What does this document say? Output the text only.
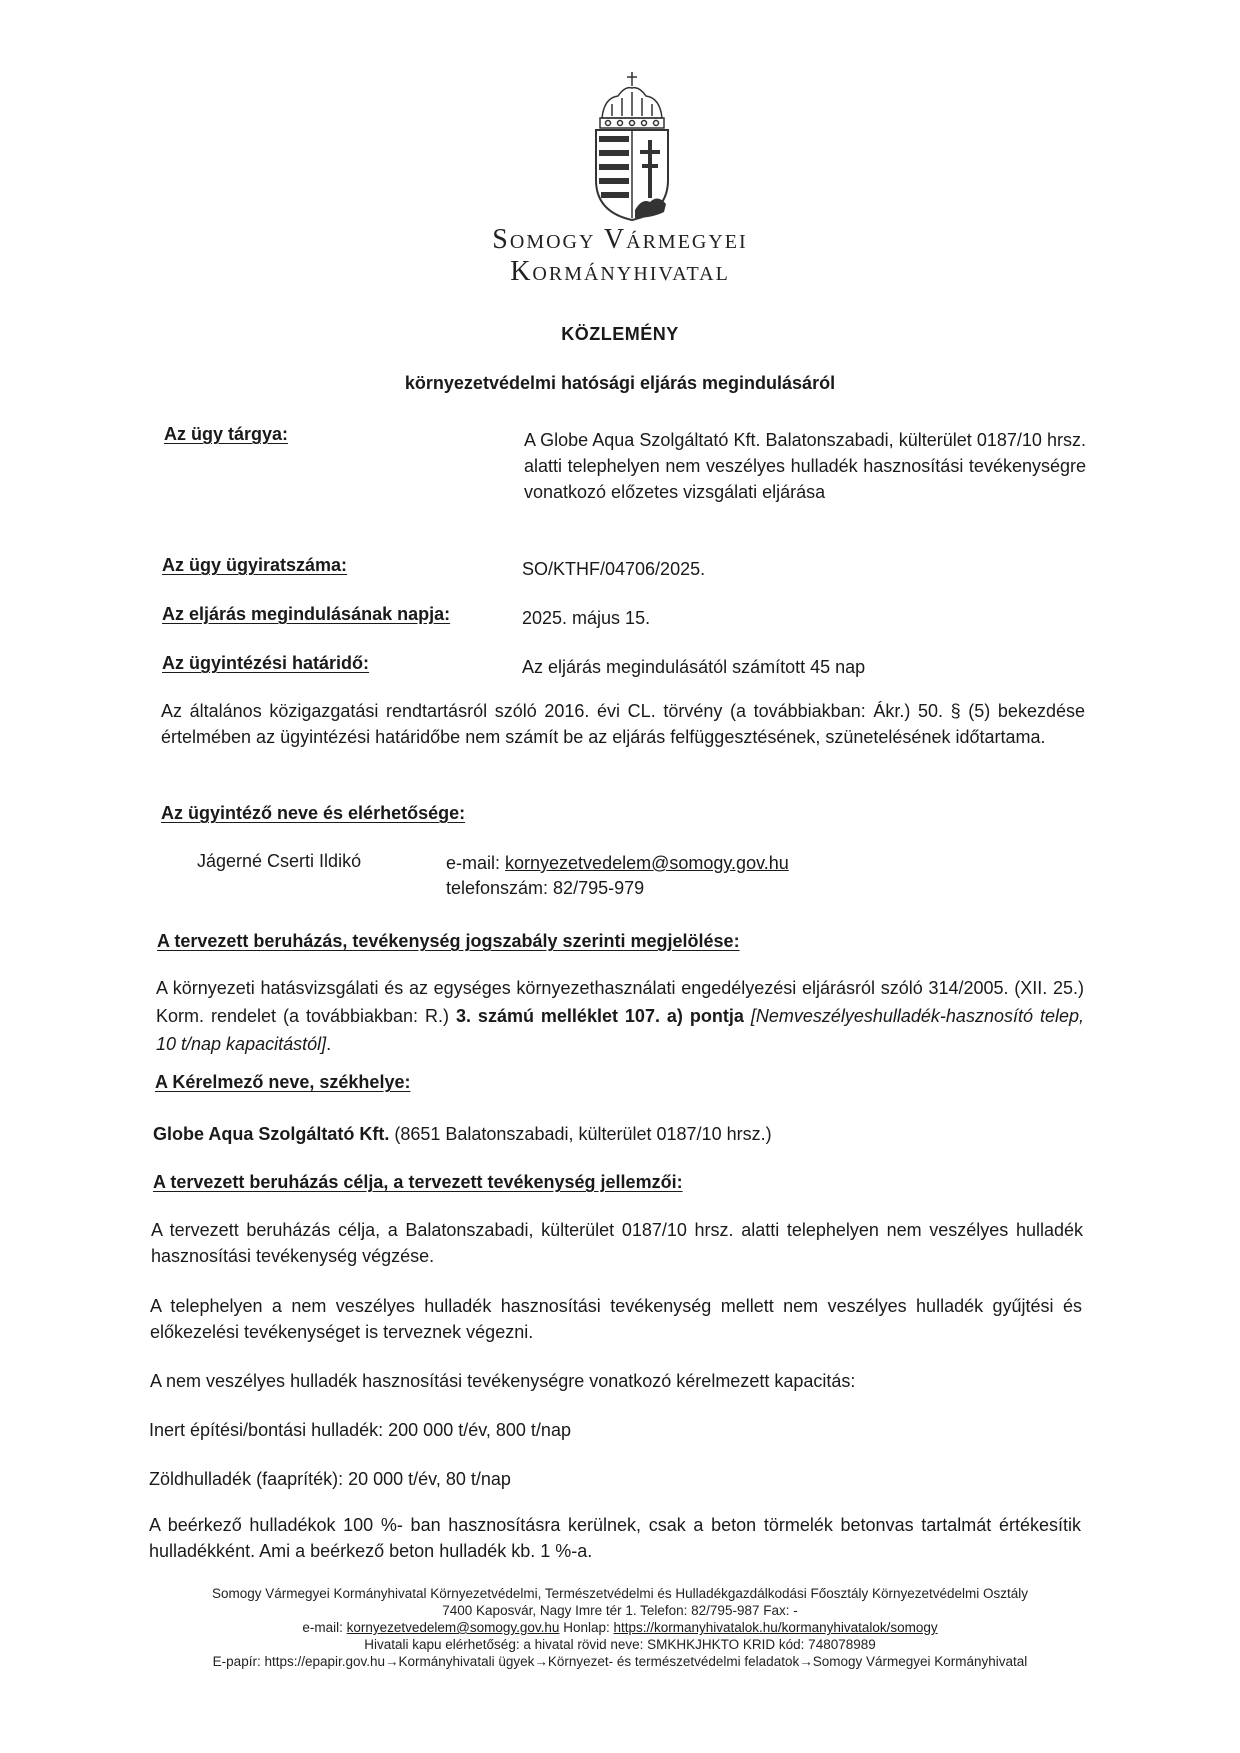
Somogy Vármegyei
Kormányhivatal
KÖZLEMÉNY
környezetvédelmi hatósági eljárás megindulásáról
Az ügy tárgya:	A Globe Aqua Szolgáltató Kft. Balatonszabadi, külterület 0187/10 hrsz. alatti telephelyen nem veszélyes hulladék hasznosítási tevékenységre vonatkozó előzetes vizsgálati eljárása
Az ügy ügyiratszáma:	SO/KTHF/04706/2025.
Az eljárás megindulásának napja:	2025. május 15.
Az ügyintézési határidő:	Az eljárás megindulásától számított 45 nap
Az általános közigazgatási rendtartásról szóló 2016. évi CL. törvény (a továbbiakban: Ákr.) 50. § (5) bekezdése értelmében az ügyintézési határidőbe nem számít be az eljárás felfüggesztésének, szünetelésének időtartama.
Az ügyintéző neve és elérhetősége:
Jágerné Cserti Ildikó	e-mail: kornyezetvedelem@somogy.gov.hu
telefonszám: 82/795-979
A tervezett beruházás, tevékenység jogszabály szerinti megjelölése:
A környezeti hatásvizsgálati és az egységes környezethasználati engedélyezési eljárásról szóló 314/2005. (XII. 25.) Korm. rendelet (a továbbiakban: R.) 3. számú melléklet 107. a) pontja [Nemveszélyeshulladék-hasznosító telep, 10 t/nap kapacitástól].
A Kérelmező neve, székhelye:
Globe Aqua Szolgáltató Kft. (8651 Balatonszabadi, külterület 0187/10 hrsz.)
A tervezett beruházás célja, a tervezett tevékenység jellemzői:
A tervezett beruházás célja, a Balatonszabadi, külterület 0187/10 hrsz. alatti telephelyen nem veszélyes hulladék hasznosítási tevékenység végzése.
A telephelyen a nem veszélyes hulladék hasznosítási tevékenység mellett nem veszélyes hulladék gyűjtési és előkezelési tevékenységet is terveznek végezni.
A nem veszélyes hulladék hasznosítási tevékenységre vonatkozó kérelmezett kapacitás:
Inert építési/bontási hulladék: 200 000 t/év, 800 t/nap
Zöldhulladék (faapríték): 20 000 t/év, 80 t/nap
A beérkező hulladékok 100 %- ban hasznosításra kerülnek, csak a beton törmelék betonvas tartalmát értékesítik hulladékként. Ami a beérkező beton hulladék kb. 1 %-a.
Somogy Vármegyei Kormányhivatal Környezetvédelmi, Természetvédelmi és Hulladékgazdálkodási Főosztály Környezetvédelmi Osztály
7400 Kaposvár, Nagy Imre tér 1. Telefon: 82/795-987 Fax: -
e-mail: kornyezetvedelem@somogy.gov.hu Honlap: https://kormanyhivatalok.hu/kormanyhivatalok/somogy
Hivatali kapu elérhetőség: a hivatal rövid neve: SMKHKJHKTO KRID kód: 748078989
E-papír: https://epapir.gov.hu→Kormányhivatali ügyek→Környezet- és természetvédelmi feladatok→Somogy Vármegyei Kormányhivatal
